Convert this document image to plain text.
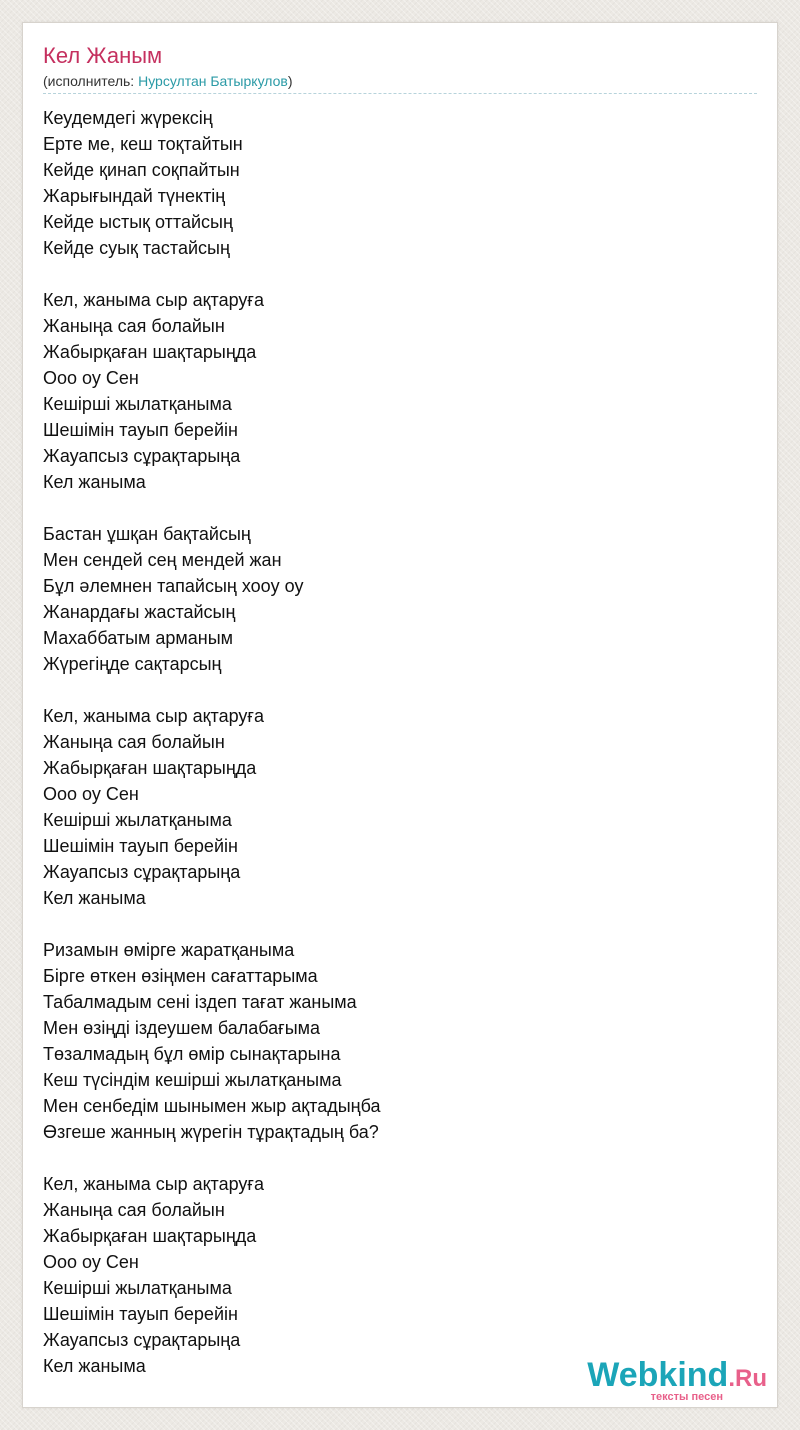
Кел Жаным
(исполнитель: Нурсултан Батыркулов)
Кеудемдегі жүрексің
Ерте ме, кеш тоқтайтын
Кейде қинап соқпайтын
Жарығындай түнектің
Кейде ыстық оттайсың
Кейде суық тастайсың
Кел, жаныма сыр ақтаруға
Жаныңа сая болайын
Жабырқаған шақтарыңда
Ооо оу Сен
Кешірші жылатқаныма
Шешімін тауып берейін
Жауапсыз сұрақтарыңа
Кел жаныма
Бастан ұшқан бақтайсың
Мен сендей сең мендей жан
Бұл әлемнен тапайсың хоoу оу
Жанардағы жастайсың
Махаббатым арманым
Жүрегіңде сақтарсың
Кел, жаныма сыр ақтаруға
Жаныңа сая болайын
Жабырқаған шақтарыңда
Ооо оу Сен
Кешірші жылатқаныма
Шешімін тауып берейін
Жауапсыз сұрақтарыңа
Кел жаныма
Ризамын өмірге жаратқаныма
Бірге өткен өзіңмен сағаттарыма
Табалмадым сені іздеп тағат жаныма
Мен өзіңді іздеушем балабағыма
Төзалмадың бұл өмір сынақтарына
Кеш түсіндім кешірші жылатқаныма
Мен сенбедім шынымен жыр ақтадыңба
Өзгеше жанның жүрегін тұрақтадың ба?
Кел, жаныма сыр ақтаруға
Жаныңа сая болайын
Жабырқаған шақтарыңда
Ооо оу Сен
Кешірші жылатқаныма
Шешімін тауып берейін
Жауапсыз сұрақтарыңа
Кел жаныма	Webkind.Ru
тексты песен
